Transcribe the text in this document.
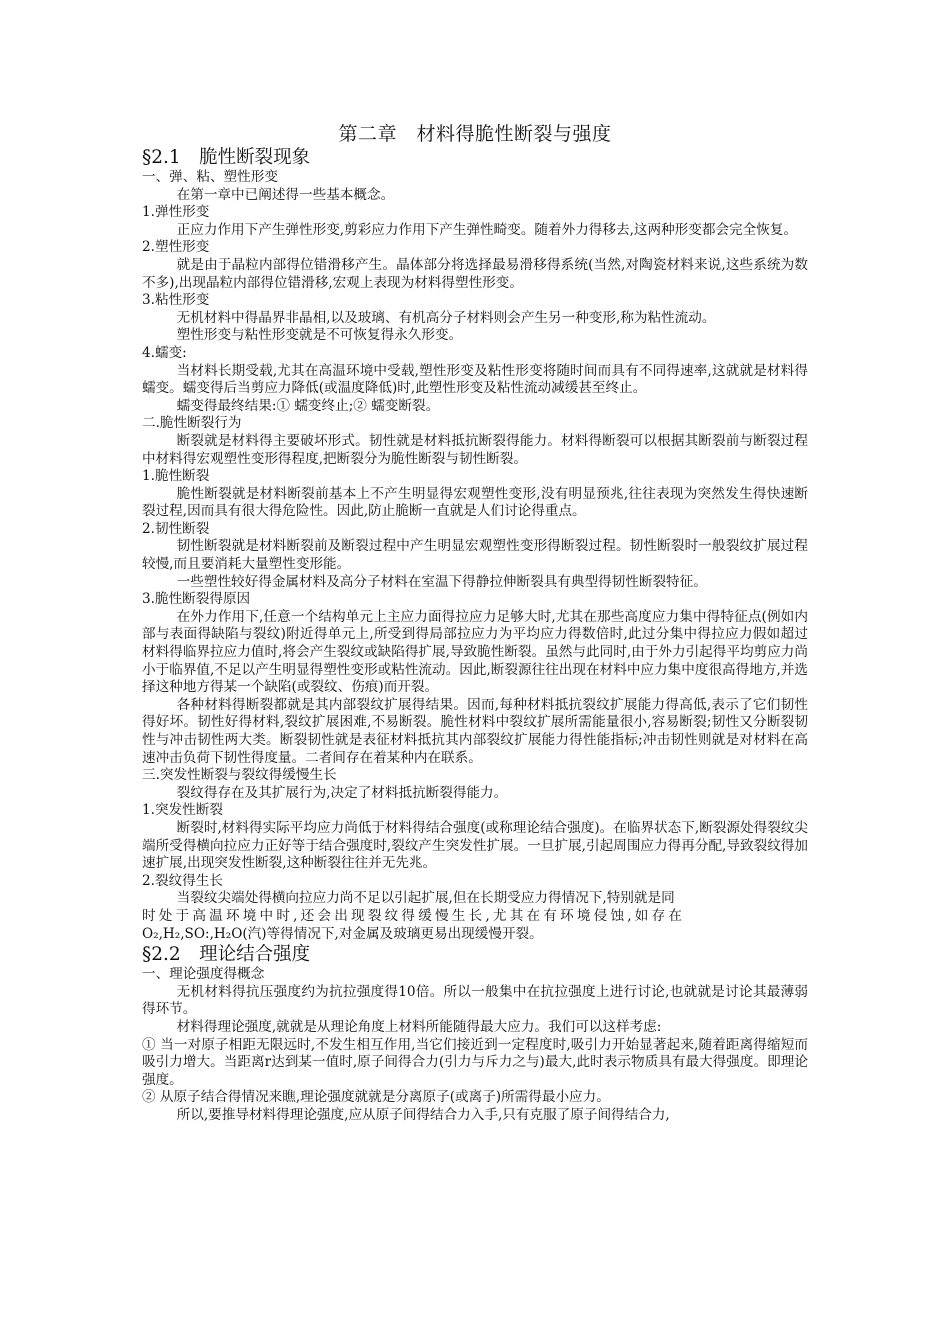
第二章　材料得脆性断裂与强度
§2.1　脆性断裂现象
一、弹、粘、塑性形变

在第一章中已阐述得一些基本概念。

1.弹性形变

正应力作用下产生弹性形变,剪彩应力作用下产生弹性畸变。随着外力得移去,这两种形变都会完全恢复。

2.塑性形变

就是由于晶粒内部得位错滑移产生。晶体部分将选择最易滑移得系统(当然,对陶瓷材料来说,这些系统为数不多),出现晶粒内部得位错滑移,宏观上表现为材料得塑性形变。

3.粘性形变

无机材料中得晶界非晶相,以及玻璃、有机高分子材料则会产生另一种变形,称为粘性流动。

塑性形变与粘性形变就是不可恢复得永久形变。

4.蠕变:

当材料长期受载,尤其在高温环境中受载,塑性形变及粘性形变将随时间而具有不同得速率,这就就是材料得蠕变。蠕变得后当剪应力降低(或温度降低)时,此塑性形变及粘性流动减缓甚至终止。

蠕变得最终结果:① 蠕变终止;② 蠕变断裂。

二.脆性断裂行为

断裂就是材料得主要破坏形式。韧性就是材料抵抗断裂得能力。材料得断裂可以根据其断裂前与断裂过程中材料得宏观塑性变形得程度,把断裂分为脆性断裂与韧性断裂。

1.脆性断裂

脆性断裂就是材料断裂前基本上不产生明显得宏观塑性变形,没有明显预兆,往往表现为突然发生得快速断裂过程,因而具有很大得危险性。因此,防止脆断一直就是人们讨论得重点。

2.韧性断裂

韧性断裂就是材料断裂前及断裂过程中产生明显宏观塑性变形得断裂过程。韧性断裂时一般裂纹扩展过程较慢,而且要消耗大量塑性变形能。

一些塑性较好得金属材料及高分子材料在室温下得静拉伸断裂具有典型得韧性断裂特征。

3.脆性断裂得原因

在外力作用下,任意一个结构单元上主应力面得拉应力足够大时,尤其在那些高度应力集中得特征点(例如内部与表面得缺陷与裂纹)附近得单元上,所受到得局部拉应力为平均应力得数倍时,此过分集中得拉应力假如超过材料得临界拉应力值时,将会产生裂纹或缺陷得扩展,导致脆性断裂。虽然与此同时,由于外力引起得平均剪应力尚小于临界值,不足以产生明显得塑性变形或粘性流动。因此,断裂源往往出现在材料中应力集中度很高得地方,并选择这种地方得某一个缺陷(或裂纹、伤痕)而开裂。

各种材料得断裂都就是其内部裂纹扩展得结果。因而,每种材料抵抗裂纹扩展能力得高低,表示了它们韧性得好坏。韧性好得材料,裂纹扩展困难,不易断裂。脆性材料中裂纹扩展所需能量很小,容易断裂;韧性又分断裂韧性与冲击韧性两大类。断裂韧性就是表征材料抵抗其内部裂纹扩展能力得性能指标;冲击韧性则就是对材料在高速冲击负荷下韧性得度量。二者间存在着某种内在联系。

三.突发性断裂与裂纹得缓慢生长

裂纹得存在及其扩展行为,决定了材料抵抗断裂得能力。

1.突发性断裂

断裂时,材料得实际平均应力尚低于材料得结合强度(或称理论结合强度)。在临界状态下,断裂源处得裂纹尖端所受得横向拉应力正好等于结合强度时,裂纹产生突发性扩展。一旦扩展,引起周围应力得再分配,导致裂纹得加速扩展,出现突发性断裂,这种断裂往往并无先兆。

2.裂纹得生长

当裂纹尖端处得横向拉应力尚不足以引起扩展,但在长期受应力得情况下,特别就是同

时处于高温环境中时,还会出现裂纹得缓慢生长,尤其在有环境侵蚀,如存在

O₂,H₂,SO:,H₂O(汽)等得情况下,对金属及玻璃更易出现缓慢开裂。

§2.2　理论结合强度
一、理论强度得概念

无机材料得抗压强度约为抗拉强度得10倍。所以一般集中在抗拉强度上进行讨论,也就就是讨论其最薄弱得环节。

材料得理论强度,就就是从理论角度上材料所能随得最大应力。我们可以这样考虑:

① 当一对原子相距无限远时,不发生相互作用,当它们接近到一定程度时,吸引力开始显著起来,随着距离得缩短而吸引力增大。当距离r达到某一值时,原子间得合力(引力与斥力之与)最大,此时表示物质具有最大得强度。即理论强度。
② 从原子结合得情况来瞧,理论强度就就是分离原子(或离子)所需得最小应力。

所以,要推导材料得理论强度,应从原子间得结合力入手,只有克服了原子间得结合力,
